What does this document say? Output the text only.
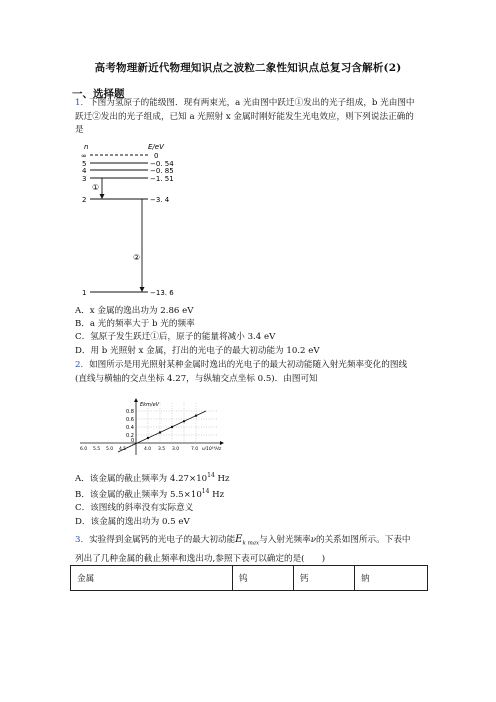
高考物理新近代物理知识点之波粒二象性知识点总复习含解析(2)
一、选择题
1．下图为氢原子的能级图．现有两束光，a 光由图中跃迁①发出的光子组成，b 光由图中
跃迁②发出的光子组成，已知 a 光照射 x 金属时刚好能发生光电效应，则下列说法正确的
是
n	E/eV
∞
5
4
3
2
1
0
−0. 54
−0. 85
−1. 51
−3. 4
−13. 6
①
②
A．x 金属的逸出功为 2.86 eV
B．a 光的频率大于 b 光的频率
C．氢原子发生跃迁①后，原子的能量将减小 3.4 eV
D．用 b 光照射 x 金属，打出的光电子的最大初动能为 10.2 eV
2．如图所示是用光照射某种金属时逸出的光电子的最大初动能随入射光频率变化的图线
(直线与横轴的交点坐标 4.27，与纵轴交点坐标 0.5)．由图可知
Ekm/eV
0.8
0.6
0.4
0.2
0
6.0 5.5 5.0 4.5	4.0 3.5 3.0	7.0 ν/10¹⁴Hz
A．该金属的截止频率为 $4.27\times 10^{14}$ Hz
B．该金属的截止频率为 $5.5\times 10^{14}$ Hz
C．该图线的斜率没有实际意义
D．该金属的逸出功为 0.5 eV
3．实验得到金属钙的光电子的最大初动能$E_{k max}$与入射光频率ν的关系如图所示。下表中
列出了几种金属的截止频率和逸出功,参照下表可以确定的是(　　)
金属	钨	钙	钠
